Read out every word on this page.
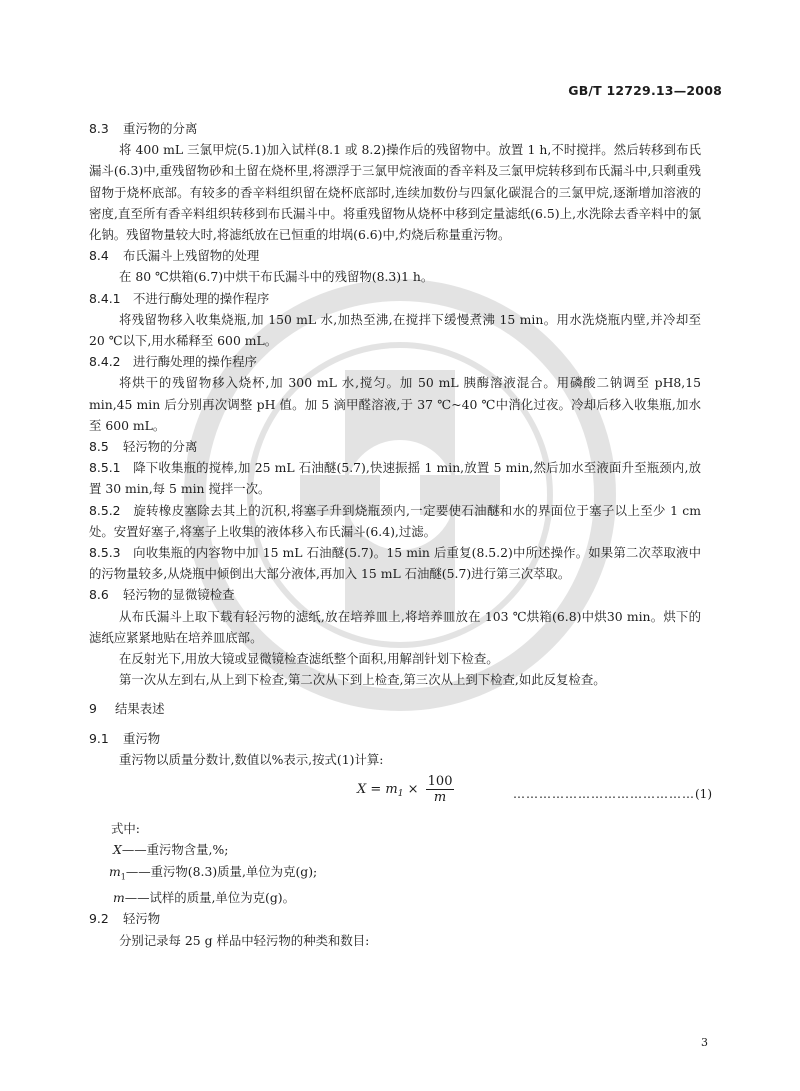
GB/T 12729.13—2008

8.3 重污物的分离

将 400 mL 三氯甲烷(5.1)加入试样(8.1 或 8.2)操作后的残留物中。放置 1 h,不时搅拌。然后转移到布氏漏斗(6.3)中,重残留物砂和土留在烧杯里,将漂浮于三氯甲烷液面的香辛料及三氯甲烷转移到布氏漏斗中,只剩重残留物于烧杯底部。有较多的香辛料组织留在烧杯底部时,连续加数份与四氯化碳混合的三氯甲烷,逐渐增加溶液的密度,直至所有香辛料组织转移到布氏漏斗中。将重残留物从烧杯中移到定量滤纸(6.5)上,水洗除去香辛料中的氯化钠。残留物量较大时,将滤纸放在已恒重的坩埚(6.6)中,灼烧后称量重污物。

8.4 布氏漏斗上残留物的处理

在 80 ℃烘箱(6.7)中烘干布氏漏斗中的残留物(8.3)1 h。

8.4.1 不进行酶处理的操作程序

将残留物移入收集烧瓶,加 150 mL 水,加热至沸,在搅拌下缓慢煮沸 15 min。用水洗烧瓶内壁,并冷却至 20 ℃以下,用水稀释至 600 mL。

8.4.2 进行酶处理的操作程序

将烘干的残留物移入烧杯,加 300 mL 水,搅匀。加 50 mL 胰酶溶液混合。用磷酸二钠调至 pH8,15 min,45 min 后分别再次调整 pH 值。加 5 滴甲醛溶液,于 37 ℃~40 ℃中消化过夜。冷却后移入收集瓶,加水至 600 mL。

8.5 轻污物的分离

8.5.1 降下收集瓶的搅棒,加 25 mL 石油醚(5.7),快速振摇 1 min,放置 5 min,然后加水至液面升至瓶颈内,放置 30 min,每 5 min 搅拌一次。

8.5.2 旋转橡皮塞除去其上的沉积,将塞子升到烧瓶颈内,一定要使石油醚和水的界面位于塞子以上至少 1 cm 处。安置好塞子,将塞子上收集的液体移入布氏漏斗(6.4),过滤。

8.5.3 向收集瓶的内容物中加 15 mL 石油醚(5.7)。15 min 后重复(8.5.2)中所述操作。如果第二次萃取液中的污物量较多,从烧瓶中倾倒出大部分液体,再加入 15 mL 石油醚(5.7)进行第三次萃取。

8.6 轻污物的显微镜检查

从布氏漏斗上取下载有轻污物的滤纸,放在培养皿上,将培养皿放在 103 ℃烘箱(6.8)中烘30 min。烘下的滤纸应紧紧地贴在培养皿底部。

在反射光下,用放大镜或显微镜检查滤纸整个面积,用解剖针划下检查。

第一次从左到右,从上到下检查,第二次从下到上检查,第三次从上到下检查,如此反复检查。

9 结果表述

9.1 重污物

重污物以质量分数计,数值以%表示,按式(1)计算:

$X = m_1 \times \frac{100}{m}$	……………………………………(1)

式中:

X——重污物含量,%;

$m_1——$重污物(8.3)质量,单位为克(g);

m——试样的质量,单位为克(g)。

9.2 轻污物

分别记录每 25 g 样品中轻污物的种类和数目:

3
